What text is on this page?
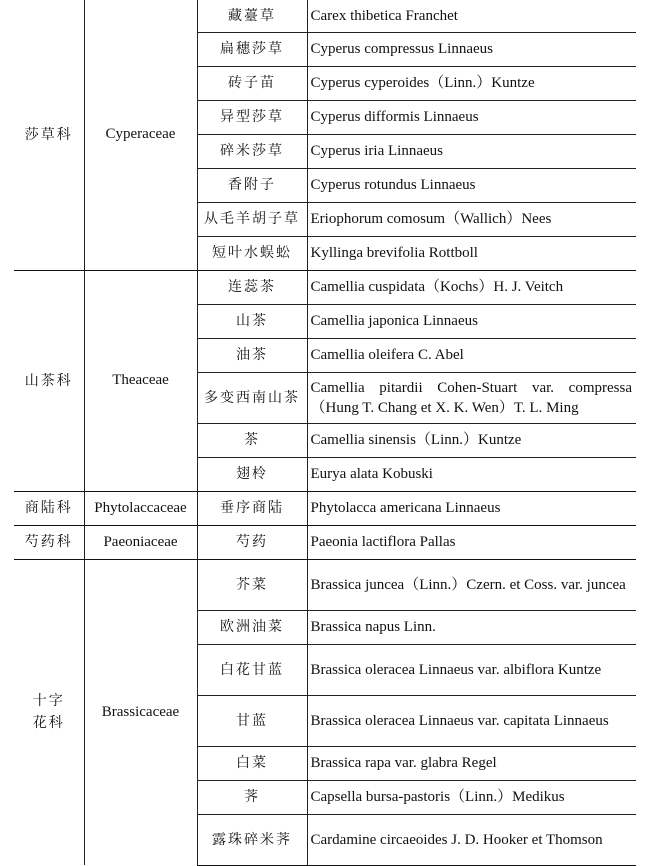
莎草科	Cyperaceae	藏薹草	Carex thibetica Franchet
		扁穗莎草	Cyperus compressus Linnaeus
		砖子苗	Cyperus cyperoides（Linn.）Kuntze
		异型莎草	Cyperus difformis Linnaeus
		碎米莎草	Cyperus iria Linnaeus
		香附子	Cyperus rotundus Linnaeus
		从毛羊胡子草	Eriophorum comosum（Wallich）Nees
		短叶水蜈蚣	Kyllinga brevifolia Rottboll
山茶科	Theaceae	连蕊茶	Camellia cuspidata（Kochs）H. J. Veitch
		山茶	Camellia japonica Linnaeus
		油茶	Camellia oleifera C. Abel
		多变西南山茶	Camellia pitardii Cohen-Stuart var. compressa（Hung T. Chang et X. K. Wen）T. L. Ming
		茶	Camellia sinensis（Linn.）Kuntze
		翅柃	Eurya alata Kobuski
商陆科	Phytolaccaceae	垂序商陆	Phytolacca americana Linnaeus
芍药科	Paeoniaceae	芍药	Paeonia lactiflora Pallas
十字花科	Brassicaceae	芥菜	Brassica juncea（Linn.）Czern. et Coss. var. juncea
		欧洲油菜	Brassica napus Linn.
		白花甘蓝	Brassica oleracea Linnaeus var. albiflora Kuntze
		甘蓝	Brassica oleracea Linnaeus var. capitata Linnaeus
		白菜	Brassica rapa var. glabra Regel
		荠	Capsella bursa-pastoris（Linn.）Medikus
		露珠碎米荠	Cardamine circaeoides J. D. Hooker et Thomson
